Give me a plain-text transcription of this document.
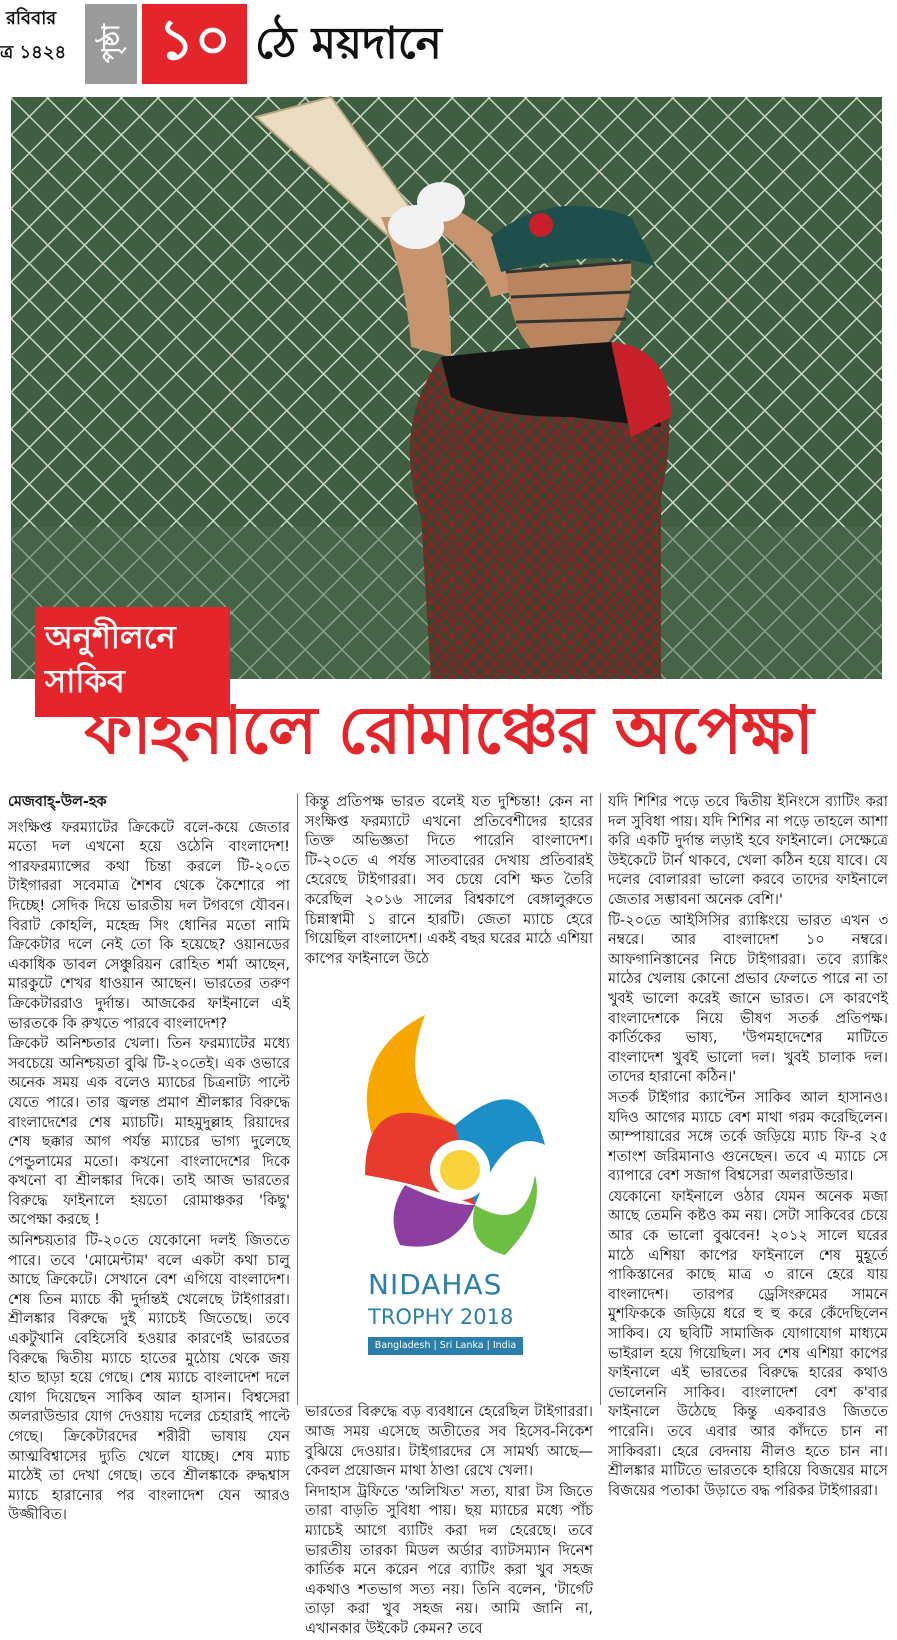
রবিবার
ত্র ১৪২৪	পৃষ্ঠা ১০ ঠে ময়দানে
অনুশীলনে
সাকিব
ফাইনালে রোমাঞ্চের অপেক্ষা

মেজবাহ্-উল-হক

সংক্ষিপ্ত ফরম্যাটের ক্রিকেটে বলে-কয়ে জেতার মতো দল এখনো হয়ে ওঠেনি বাংলাদেশ! পারফরম্যান্সের কথা চিন্তা করলে টি-২০তে টাইগাররা সবেমাত্র শৈশব থেকে কৈশোরে পা দিচ্ছে! সেদিক দিয়ে ভারতীয় দল টগবগে যৌবন। বিরাট কোহলি, মহেন্দ্র সিং ধোনির মতো নামি ক্রিকেটার দলে নেই তো কি হয়েছে? ওয়ানডের একাধিক ডাবল সেঞ্চুরিয়ন রোহিত শর্মা আছেন, মারকুটে শেখর ধাওয়ান আছেন। ভারতের তরুণ ক্রিকেটাররাও দুর্দান্ত। আজকের ফাইনালে এই ভারতকে কি রুখতে পারবে বাংলাদেশ?

ক্রিকেট অনিশ্চতার খেলা। তিন ফরম্যাটের মধ্যে সবচেয়ে অনিশ্চয়তা বুঝি টি-২০তেই। এক ওভারে অনেক সময় এক বলেও ম্যাচের চিত্রনাট্য পাল্টে যেতে পারে। তার জ্বলন্ত প্রমাণ শ্রীলঙ্কার বিরুদ্ধে বাংলাদেশের শেষ ম্যাচটি। মাহমুদুল্লাহ রিয়াদের শেষ ছক্কার আগ পর্যন্ত ম্যাচের ভাগ্য দুলেছে পেন্ডুলামের মতো। কখনো বাংলাদেশের দিকে কখনো বা শ্রীলঙ্কার দিকে। তাই আজ ভারতের বিরুদ্ধে ফাইনালে হয়তো রোমাঞ্চকর 'কিছু' অপেক্ষা করছে !

অনিশ্চয়তার টি-২০তে যেকোনো দলই জিততে পারে। তবে 'মোমেন্টাম' বলে একটা কথা চালু আছে ক্রিকেটে। সেখানে বেশ এগিয়ে বাংলাদেশ। শেষ তিন ম্যাচে কী দুর্দান্তই খেলেছে টাইগাররা। শ্রীলঙ্কার বিরুদ্ধে দুই ম্যাচেই জিতেছে। তবে একটুখানি বেহিসেবি হওয়ার কারণেই ভারতের বিরুদ্ধে দ্বিতীয় ম্যাচে হাতের মুঠোয় থেকে জয় হাত ছাড়া হয়ে গেছে। শেষ ম্যাচে বাংলাদেশ দলে যোগ দিয়েছেন সাকিব আল হাসান। বিশ্বসেরা অলরাউন্ডার যোগ দেওয়ায় দলের চেহারাই পাল্টে গেছে। ক্রিকেটারদের শরীরী ভাষায় যেন আত্মবিশ্বাসের দ্যুতি খেলে যাচ্ছে। শেষ ম্যাচ মাঠেই তা দেখা গেছে। তবে শ্রীলঙ্কাকে রুদ্ধশ্বাস ম্যাচে হারানোর পর বাংলাদেশ যেন আরও উজ্জীবিত।

কিন্তু প্রতিপক্ষ ভারত বলেই যত দুশ্চিন্তা! কেন না সংক্ষিপ্ত ফরম্যাটে এখনো প্রতিবেশীদের হারের তিক্ত অভিজ্ঞতা দিতে পারেনি বাংলাদেশ। টি-২০তে এ পর্যন্ত সাতবারের দেখায় প্রতিবারই হেরেছে টাইগাররা। সব চেয়ে বেশি ক্ষত তৈরি করেছিল ২০১৬ সালের বিশ্বকাপে বেঙ্গালুরুতে চিন্নাস্বামী ১ রানে হারটি। জেতা ম্যাচে হেরে গিয়েছিল বাংলাদেশ। একই বছর ঘরের মাঠে এশিয়া কাপের ফাইনালে উঠে

NIDAHAS
TROPHY 2018
Bangladesh | Sri Lanka | India

ভারতের বিরুদ্ধে বড় ব্যবধানে হেরেছিল টাইগাররা। আজ সময় এসেছে অতীতের সব হিসেব-নিকেশ বুঝিয়ে দেওয়ার। টাইগারদের সে সামর্থ্য আছে—কেবল প্রয়োজন মাথা ঠাণ্ডা রেখে খেলা।

নিদাহাস ট্রফিতে 'অলিখিত' সত্য, যারা টস জিতে তারা বাড়তি সুবিধা পায়। ছয় ম্যাচের মধ্যে পাঁচ ম্যাচেই আগে ব্যাটিং করা দল হেরেছে। তবে ভারতীয় তারকা মিডল অর্ডার ব্যাটসম্যান দিনেশ কার্তিক মনে করেন পরে ব্যাটিং করা খুব সহজ একথাও শতভাগ সত্য নয়। তিনি বলেন, 'টার্গেট তাড়া করা খুব সহজ নয়। আমি জানি না, এখানকার উইকেট কেমন? তবে

যদি শিশির পড়ে তবে দ্বিতীয় ইনিংসে ব্যাটিং করা দল সুবিধা পায়। যদি শিশির না পড়ে তাহলে আশা করি একটি দুর্দান্ত লড়াই হবে ফাইনালে। সেক্ষেত্রে উইকেটে টার্ন থাকবে, খেলা কঠিন হয়ে যাবে। যে দলের বোলাররা ভালো করবে তাদের ফাইনালে জেতার সম্ভাবনা অনেক বেশি।'

টি-২০তে আইসিসির র‍্যাঙ্কিংয়ে ভারত এখন ৩ নম্বরে। আর বাংলাদেশ ১০ নম্বরে। আফগানিস্তানের নিচে টাইগাররা। তবে র‍্যাঙ্কিং মাঠের খেলায় কোনো প্রভাব ফেলতে পারে না তা খুবই ভালো করেই জানে ভারত। সে কারণেই বাংলাদেশকে নিয়ে ভীষণ সতর্ক প্রতিপক্ষ। কার্তিকের ভাষ্য, 'উপমহাদেশের মাটিতে বাংলাদেশ খুবই ভালো দল। খুবই চালাক দল। তাদের হারানো কঠিন।'

সতর্ক টাইগার ক্যাপ্টেন সাকিব আল হাসানও। যদিও আগের ম্যাচে বেশ মাথা গরম করেছিলেন। আম্পায়ারের সঙ্গে তর্কে জড়িয়ে ম্যাচ ফি-র ২৫ শতাংশ জরিমানাও গুনেছেন। তবে এ ম্যাচে সে ব্যাপারে বেশ সজাগ বিশ্বসেরা অলরাউন্ডার।

যেকোনো ফাইনালে ওঠার যেমন অনেক মজা আছে তেমনি কষ্টও কম নয়। সেটা সাকিবের চেয়ে আর কে ভালো বুঝবেন! ২০১২ সালে ঘরের মাঠে এশিয়া কাপের ফাইনালে শেষ মুহূর্তে পাকিস্তানের কাছে মাত্র ৩ রানে হেরে যায় বাংলাদেশ। তারপর ড্রেসিংরুমের সামনে মুশফিককে জড়িয়ে ধরে হু হু করে কেঁদেছিলেন সাকিব। যে ছবিটি সামাজিক যোগাযোগ মাধ্যমে ভাইরাল হয়ে গিয়েছিল। সব শেষ এশিয়া কাপের ফাইনালে এই ভারতের বিরুদ্ধে হারের কথাও ভোলেননি সাকিব। বাংলাদেশ বেশ ক'বার ফাইনালে উঠেছে কিন্তু একবারও জিততে পারেনি। তবে এবার আর কাঁদতে চান না সাকিবরা। হেরে বেদনায় নীলও হতে চান না। শ্রীলঙ্কার মাটিতে ভারতকে হারিয়ে বিজয়ের মাসে বিজয়ের পতাকা উড়াতে বদ্ধ পরিকর টাইগাররা।
